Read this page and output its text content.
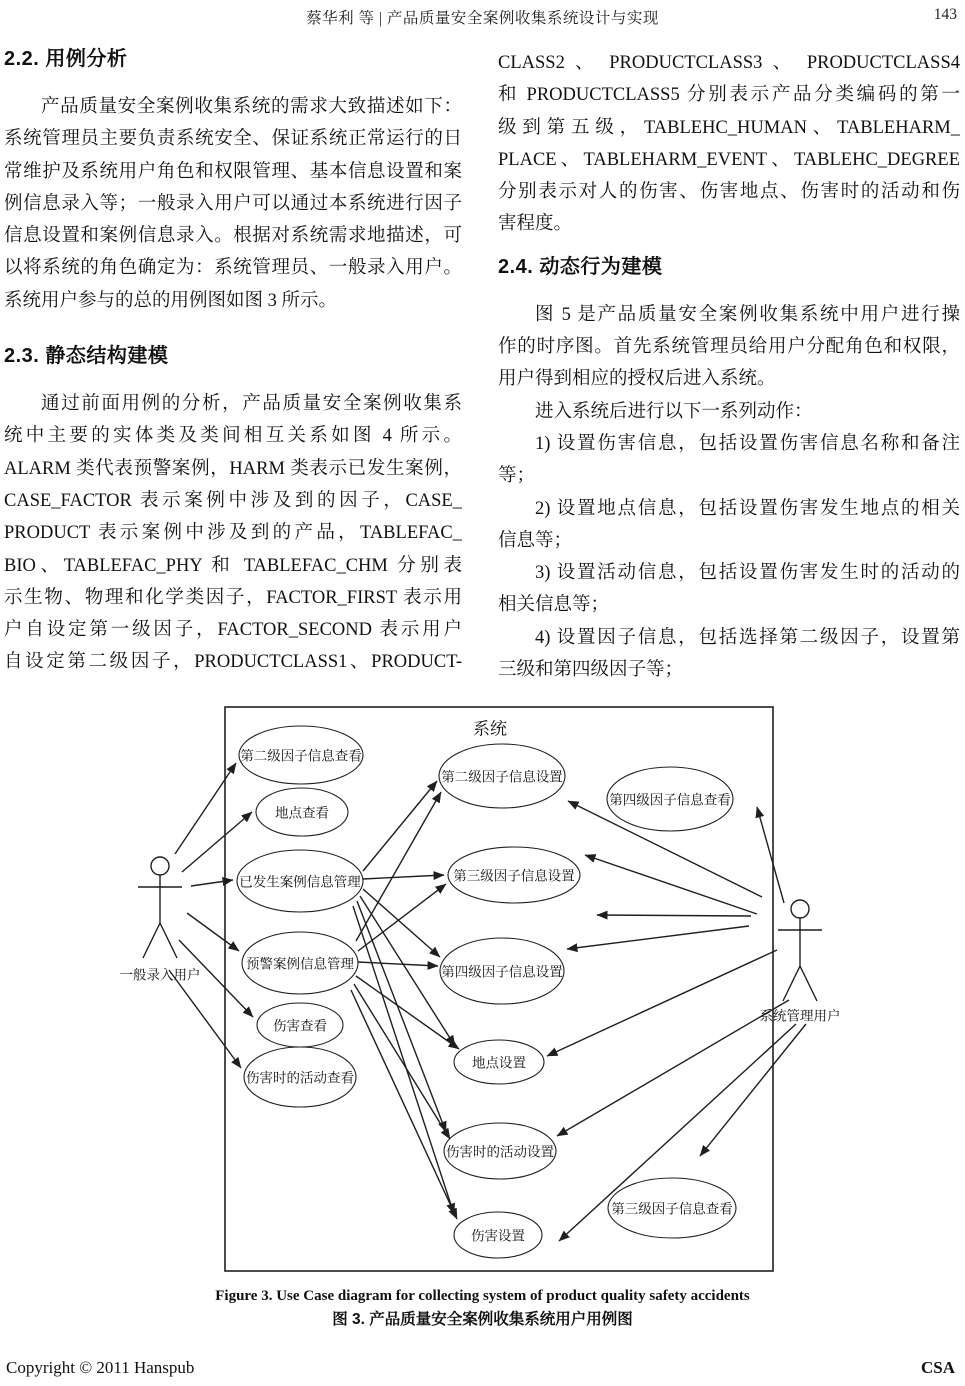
蔡华利 等 | 产品质量安全案例收集系统设计与实现	143
2.2. 用例分析
产品质量安全案例收集系统的需求大致描述如下：
系统管理员主要负责系统安全、保证系统正常运行的日
常维护及系统用户角色和权限管理、基本信息设置和案
例信息录入等；一般录入用户可以通过本系统进行因子
信息设置和案例信息录入。根据对系统需求地描述，可
以将系统的角色确定为：系统管理员、一般录入用户。
系统用户参与的总的用例图如图 3 所示。
2.3. 静态结构建模
通过前面用例的分析，产品质量安全案例收集系
统中主要的实体类及类间相互关系如图 4 所示。
ALARM 类代表预警案例，HARM 类表示已发生案例，
CASE_FACTOR 表示案例中涉及到的因子，CASE_
PRODUCT 表示案例中涉及到的产品，TABLEFAC_
BIO、TABLEFAC_PHY 和 TABLEFAC_CHM 分别表
示生物、物理和化学类因子，FACTOR_FIRST 表示用
户自设定第一级因子，FACTOR_SECOND 表示用户
自设定第二级因子，PRODUCTCLASS1、PRODUCT-
CLASS2 、 PRODUCTCLASS3 、 PRODUCTCLASS4
和 PRODUCTCLASS5 分别表示产品分类编码的第一
级到第五级，TABLEHC_HUMAN、TABLEHARM_
PLACE、TABLEHARM_EVENT、TABLEHC_DEGREE
分别表示对人的伤害、伤害地点、伤害时的活动和伤
害程度。
2.4. 动态行为建模
图 5 是产品质量安全案例收集系统中用户进行操
作的时序图。首先系统管理员给用户分配角色和权限，
用户得到相应的授权后进入系统。
进入系统后进行以下一系列动作：
1) 设置伤害信息，包括设置伤害信息名称和备注
等；
2) 设置地点信息，包括设置伤害发生地点的相关
信息等；
3) 设置活动信息，包括设置伤害发生时的活动的
相关信息等；
4) 设置因子信息，包括选择第二级因子，设置第
三级和第四级因子等；
系统
第二级因子信息查看
地点查看
已发生案例信息管理
预警案例信息管理
伤害查看
伤害时的活动查看
第二级因子信息设置
第三级因子信息设置
第四级因子信息设置
地点设置
伤害时的活动设置
伤害设置
第四级因子信息查看
第三级因子信息查看
一般录入用户
系统管理用户
Figure 3. Use Case diagram for collecting system of product quality safety accidents
图 3. 产品质量安全案例收集系统用户用例图
Copyright © 2011 Hanspub	CSA
